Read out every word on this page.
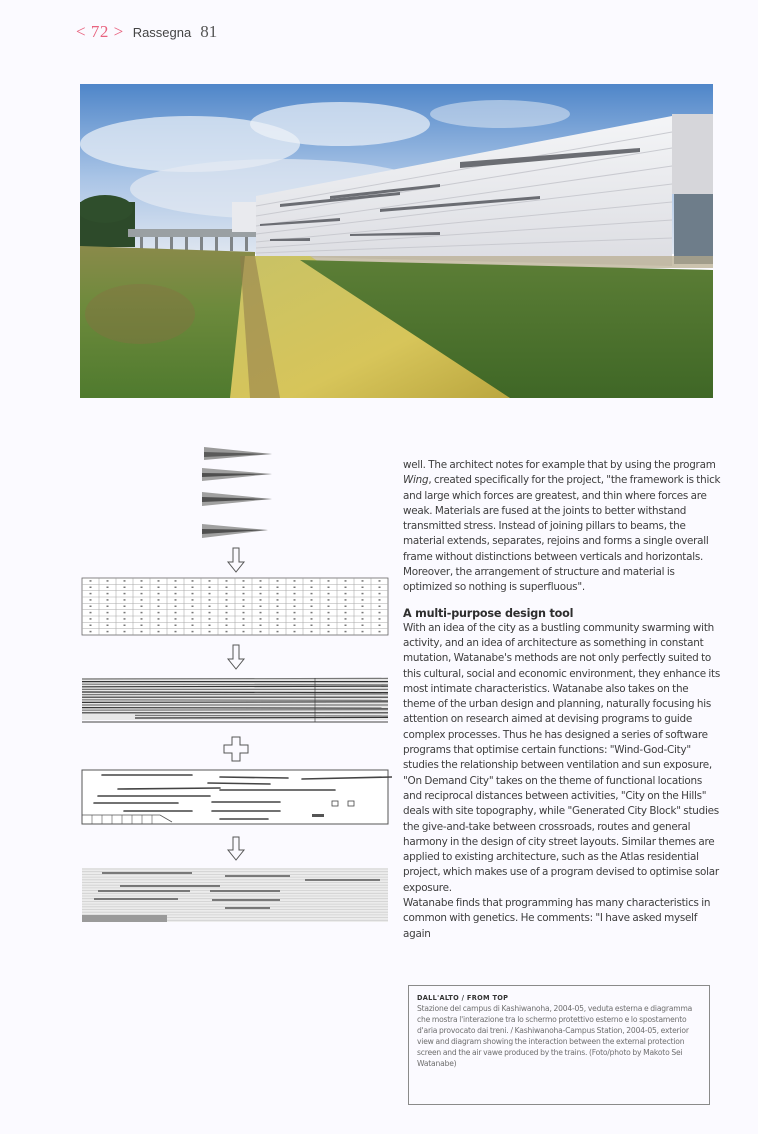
< 72 > Rassegna 81

well. The architect notes for example that by using the program Wing, created specifically for the project, "the framework is thick and large which forces are greatest, and thin where forces are weak. Materials are fused at the joints to better withstand transmitted stress. Instead of joining pillars to beams, the material extends, separates, rejoins and forms a single overall frame without distinctions between verticals and horizontals. Moreover, the arrangement of structure and material is optimized so nothing is superfluous".

A multi-purpose design tool

With an idea of the city as a bustling community swarming with activity, and an idea of architecture as something in constant mutation, Watanabe's methods are not only perfectly suited to this cultural, social and economic environment, they enhance its most intimate characteristics. Watanabe also takes on the theme of the urban design and planning, naturally focusing his attention on research aimed at devising programs to guide complex processes. Thus he has designed a series of software programs that optimise certain functions: "Wind-God-City" studies the relationship between ventilation and sun exposure, "On Demand City" takes on the theme of functional locations and reciprocal distances between activities, "City on the Hills" deals with site topography, while "Generated City Block" studies the give-and-take between crossroads, routes and general harmony in the design of city street layouts. Similar themes are applied to existing architecture, such as the Atlas residential project, which makes use of a program devised to optimise solar exposure.

Watanabe finds that programming has many characteristics in common with genetics. He comments: "I have asked myself again

DALL'ALTO / FROM TOP
Stazione del campus di Kashiwanoha, 2004-05, veduta esterna e diagramma che mostra l'interazione tra lo schermo protettivo esterno e lo spostamento d'aria provocato dai treni. / Kashiwanoha-Campus Station, 2004-05, exterior view and diagram showing the interaction between the external protection screen and the air vawe produced by the trains. (Foto/photo by Makoto Sei Watanabe)
